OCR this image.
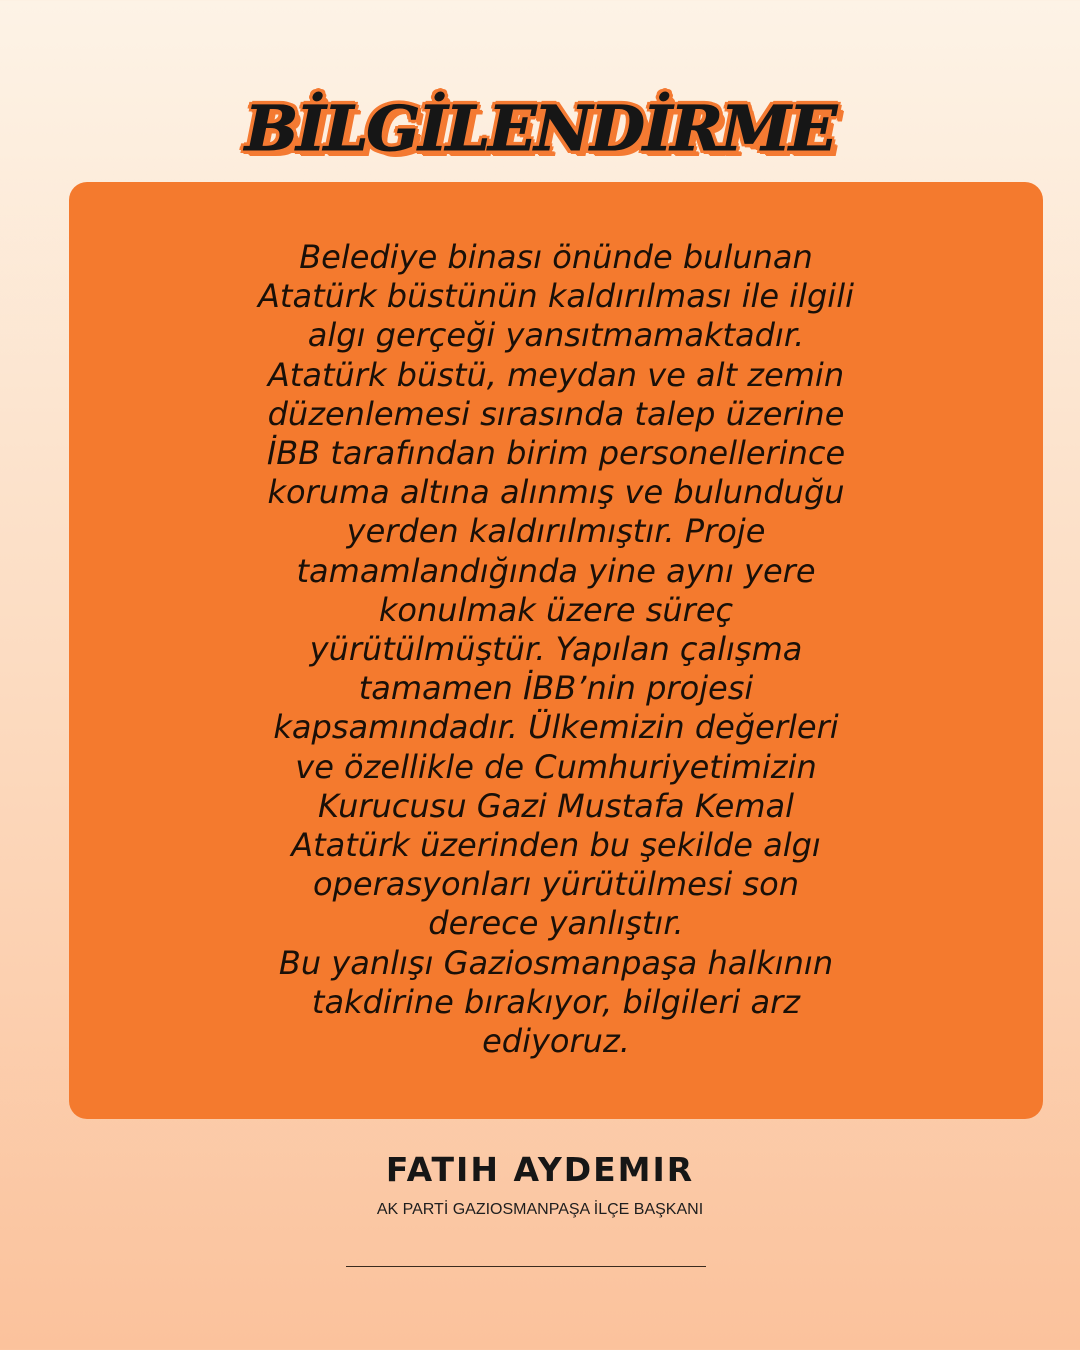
BİLGİLENDİRME

Belediye binası önünde bulunan
Atatürk büstünün kaldırılması ile ilgili
algı gerçeği yansıtmamaktadır.
Atatürk büstü, meydan ve alt zemin
düzenlemesi sırasında talep üzerine
İBB tarafından birim personellerince
koruma altına alınmış ve bulunduğu
yerden kaldırılmıştır. Proje
tamamlandığında yine aynı yere
konulmak üzere süreç
yürütülmüştür. Yapılan çalışma
tamamen İBB’nin projesi
kapsamındadır. Ülkemizin değerleri
ve özellikle de Cumhuriyetimizin
Kurucusu Gazi Mustafa Kemal
Atatürk üzerinden bu şekilde algı
operasyonları yürütülmesi son
derece yanlıştır.
Bu yanlışı Gaziosmanpaşa halkının
takdirine bırakıyor, bilgileri arz
ediyoruz.

FATIH AYDEMIR
AK PARTİ GAZIOSMANPAŞA İLÇE BAŞKANI
